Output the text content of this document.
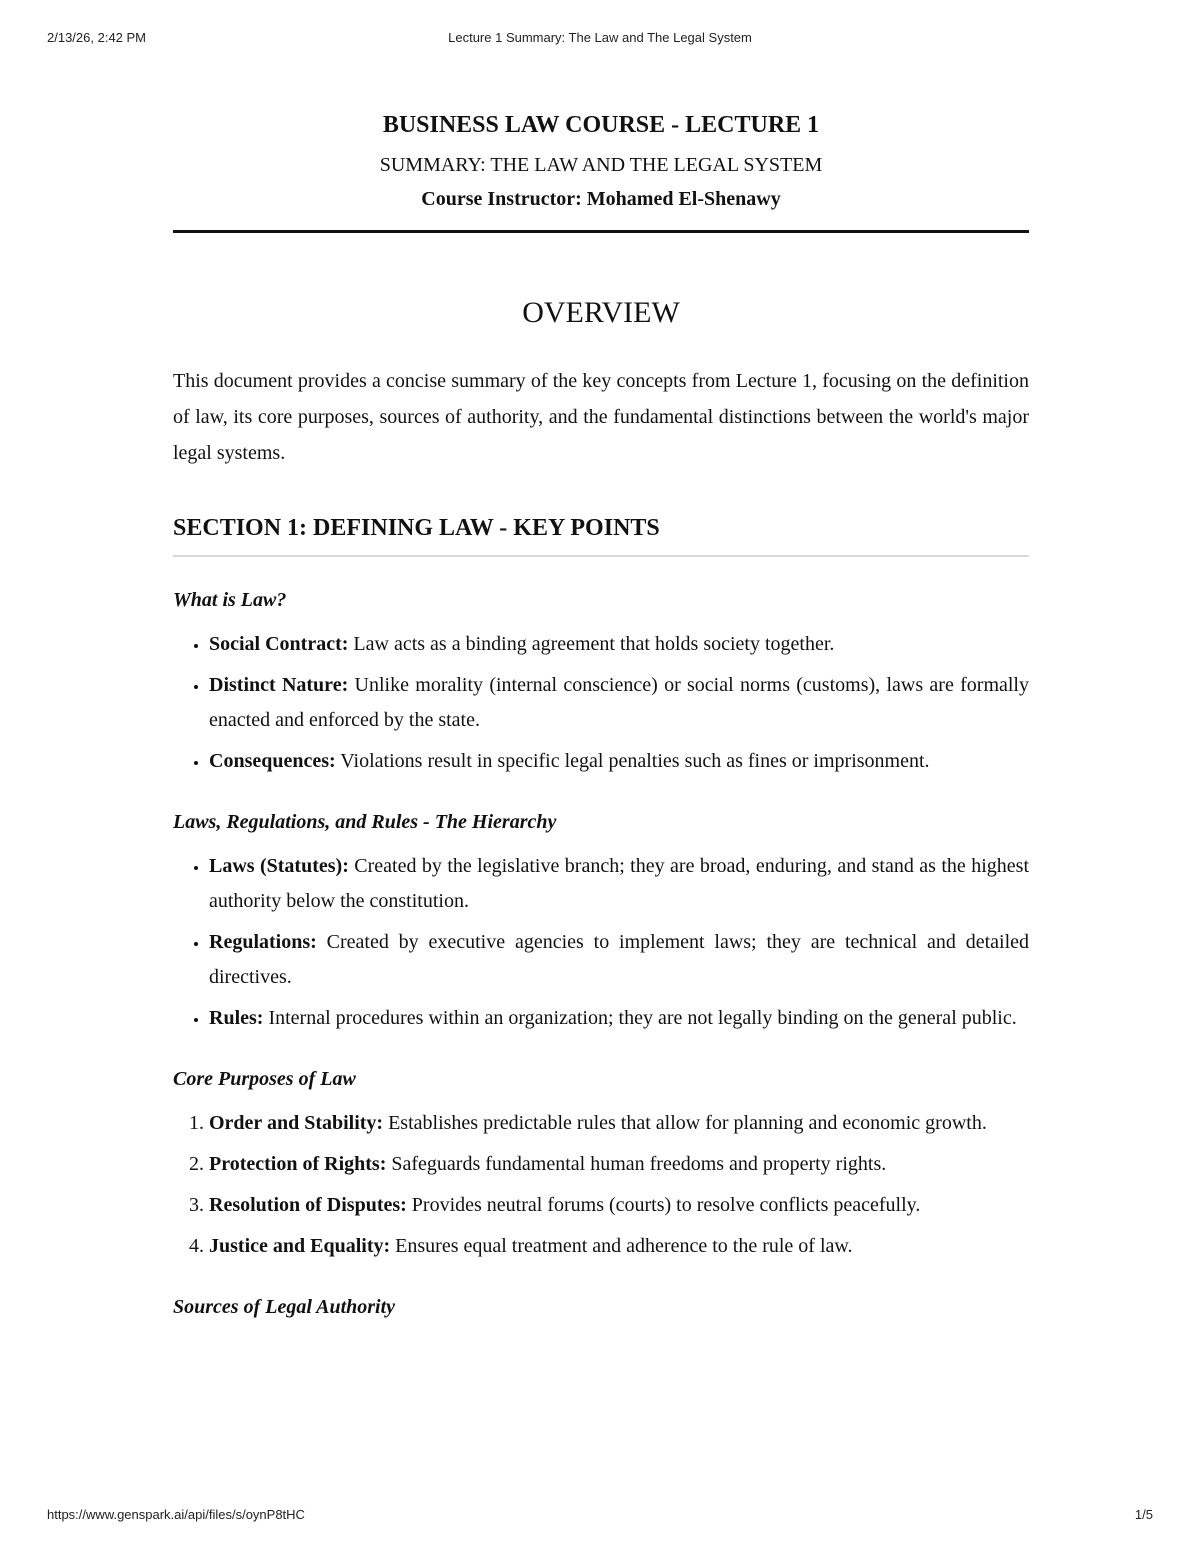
2/13/26, 2:42 PM	Lecture 1 Summary: The Law and The Legal System
BUSINESS LAW COURSE - LECTURE 1

SUMMARY: THE LAW AND THE LEGAL SYSTEM

Course Instructor: Mohamed El-Shenawy

OVERVIEW

This document provides a concise summary of the key concepts from Lecture 1, focusing on the definition of law, its core purposes, sources of authority, and the fundamental distinctions between the world's major legal systems.

SECTION 1: DEFINING LAW - KEY POINTS
What is Law?
• Social Contract: Law acts as a binding agreement that holds society together.
• Distinct Nature: Unlike morality (internal conscience) or social norms (customs), laws are formally enacted and enforced by the state.
• Consequences: Violations result in specific legal penalties such as fines or imprisonment.
Laws, Regulations, and Rules - The Hierarchy
• Laws (Statutes): Created by the legislative branch; they are broad, enduring, and stand as the highest authority below the constitution.
• Regulations: Created by executive agencies to implement laws; they are technical and detailed directives.
• Rules: Internal procedures within an organization; they are not legally binding on the general public.
Core Purposes of Law
1. Order and Stability: Establishes predictable rules that allow for planning and economic growth.
2. Protection of Rights: Safeguards fundamental human freedoms and property rights.
3. Resolution of Disputes: Provides neutral forums (courts) to resolve conflicts peacefully.
4. Justice and Equality: Ensures equal treatment and adherence to the rule of law.
Sources of Legal Authority
https://www.genspark.ai/api/files/s/oynP8tHC	1/5
